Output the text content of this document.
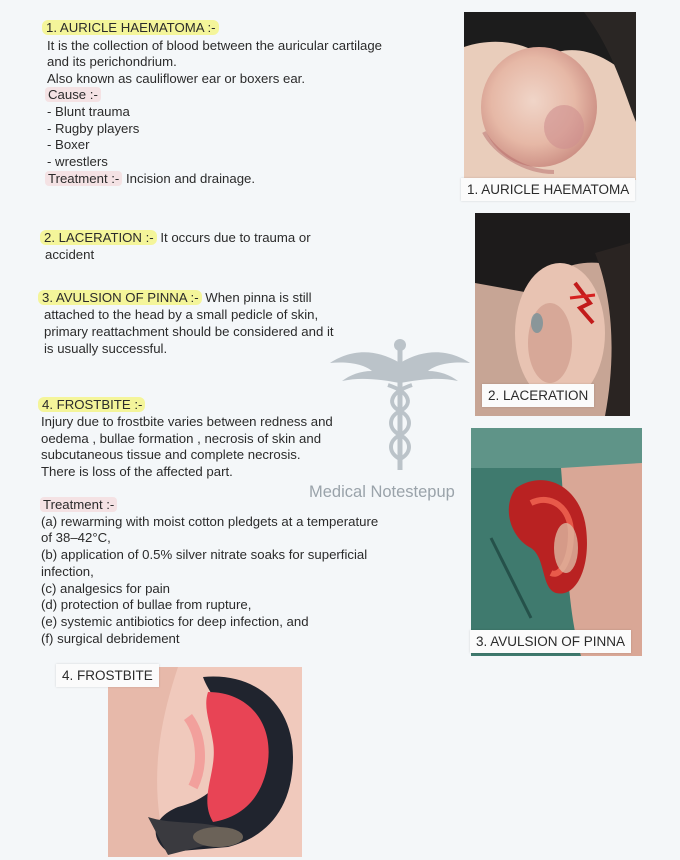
1. AURICLE HAEMATOMA :-
It is the collection of blood between the auricular cartilage
and its perichondrium.
Also known as cauliflower ear or boxers ear.
Cause :-
- Blunt trauma
- Rugby players
- Boxer
- wrestlers
Treatment :- Incision and drainage.
2. LACERATION :- It occurs due to trauma or
accident
3. AVULSION OF PINNA :- When pinna is still
attached to the head by a small pedicle of skin,
primary reattachment should be considered and it
is usually successful.
4. FROSTBITE :-
Injury due to frostbite varies between redness and
oedema , bullae formation , necrosis of skin and
subcutaneous tissue and complete necrosis.
There is loss of the affected part.
Treatment :-
(a) rewarming with moist cotton pledgets at a temperature
of 38–42°C,
(b) application of 0.5% silver nitrate soaks for superficial
infection,
(c) analgesics for pain
(d) protection of bullae from rupture,
(e) systemic antibiotics for deep infection, and
(f) surgical debridement
1. AURICLE HAEMATOMA
2. LACERATION
3. AVULSION OF PINNA
4. FROSTBITE
Medical Notestepup
